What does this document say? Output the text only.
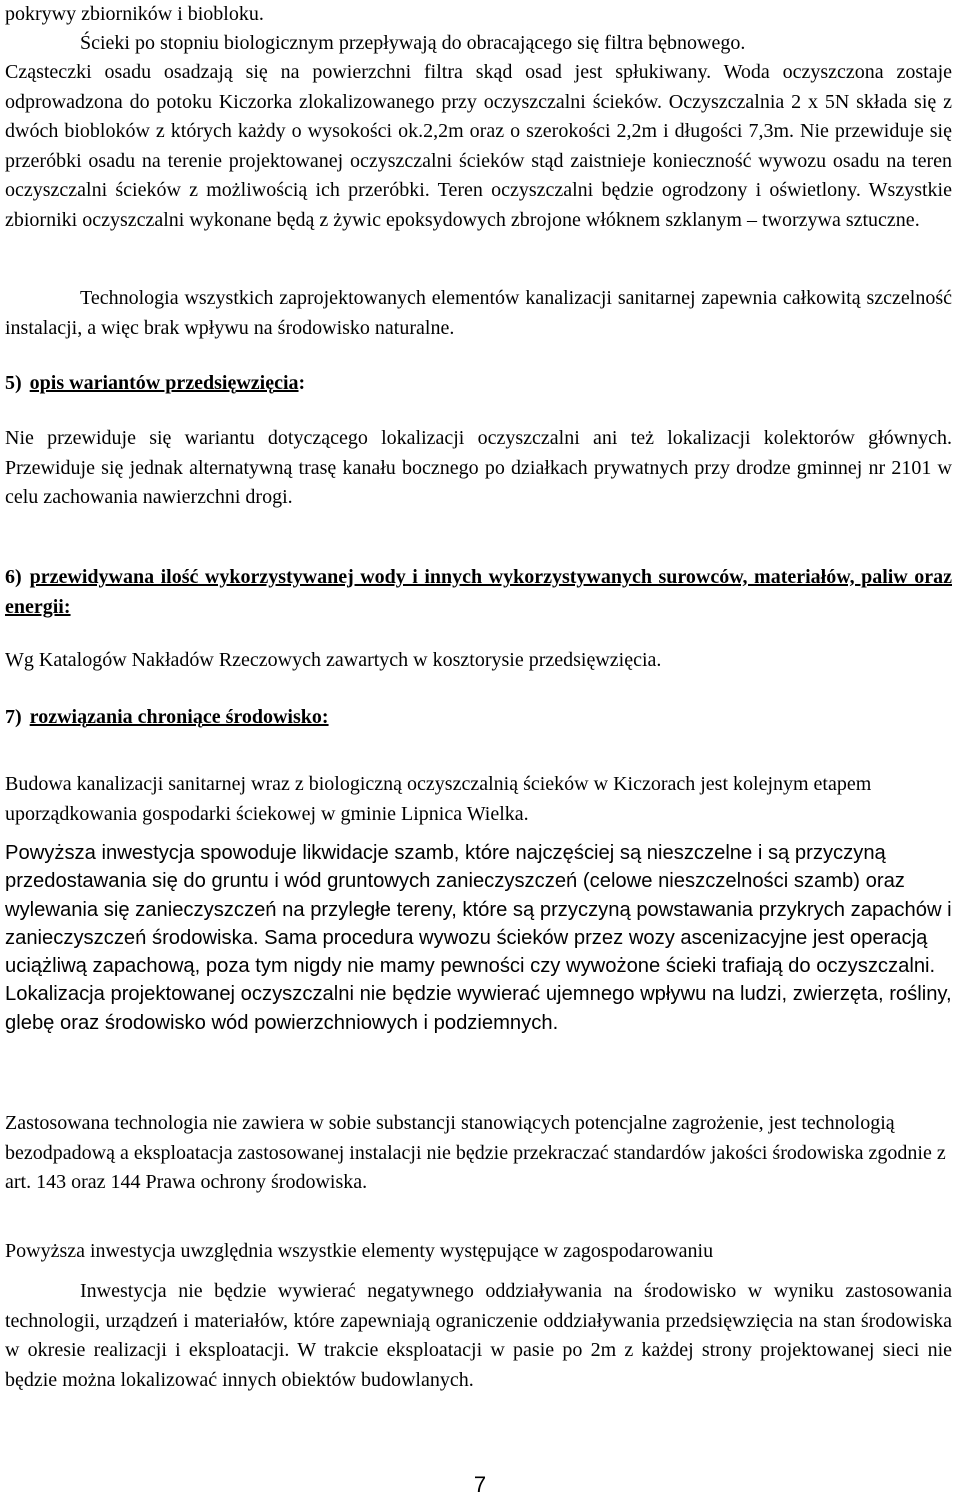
pokrywy zbiorników i biobloku.

Ścieki po stopniu biologicznym przepływają do obracającego się filtra bębnowego.

Cząsteczki osadu osadzają się na powierzchni filtra skąd osad jest spłukiwany. Woda oczyszczona zostaje odprowadzona do potoku Kiczorka zlokalizowanego przy oczyszczalni ścieków. Oczyszczalnia 2 x 5N składa się z dwóch biobloków z których każdy o wysokości ok.2,2m oraz o szerokości 2,2m i długości 7,3m. Nie przewiduje się przeróbki osadu na terenie projektowanej oczyszczalni ścieków stąd zaistnieje konieczność wywozu osadu na teren oczyszczalni ścieków z możliwością ich przeróbki. Teren oczyszczalni będzie ogrodzony i oświetlony. Wszystkie zbiorniki oczyszczalni wykonane będą z żywic epoksydowych zbrojone włóknem szklanym – tworzywa sztuczne.

Technologia wszystkich zaprojektowanych elementów kanalizacji sanitarnej zapewnia całkowitą szczelność instalacji, a więc brak wpływu na środowisko naturalne.

5) opis wariantów przedsięwzięcia:

Nie przewiduje się wariantu dotyczącego lokalizacji oczyszczalni ani też lokalizacji kolektorów głównych. Przewiduje się jednak alternatywną trasę kanału bocznego po działkach prywatnych przy drodze gminnej nr 2101 w celu zachowania nawierzchni drogi.

6) przewidywana ilość wykorzystywanej wody i innych wykorzystywanych surowców, materiałów, paliw oraz energii:

Wg Katalogów Nakładów Rzeczowych zawartych w kosztorysie przedsięwzięcia.

7) rozwiązania chroniące środowisko:

Budowa kanalizacji sanitarnej wraz z biologiczną oczyszczalnią ścieków w Kiczorach jest kolejnym etapem uporządkowania gospodarki ściekowej w gminie Lipnica Wielka.

Powyższa inwestycja spowoduje likwidacje szamb, które najczęściej są nieszczelne i są przyczyną przedostawania się do gruntu i wód gruntowych zanieczyszczeń (celowe nieszczelności szamb) oraz wylewania się zanieczyszczeń na przyległe tereny, które są przyczyną powstawania przykrych zapachów i zanieczyszczeń środowiska. Sama procedura wywozu ścieków przez wozy ascenizacyjne jest operacją uciążliwą zapachową, poza tym nigdy nie mamy pewności czy wywożone ścieki trafiają do oczyszczalni. Lokalizacja projektowanej oczyszczalni nie będzie wywierać ujemnego wpływu na ludzi, zwierzęta, rośliny, glebę oraz środowisko wód powierzchniowych i podziemnych.

Zastosowana technologia nie zawiera w sobie substancji stanowiących potencjalne zagrożenie, jest technologią bezodpadową a eksploatacja zastosowanej instalacji nie będzie przekraczać standardów jakości środowiska zgodnie z art. 143 oraz 144 Prawa ochrony środowiska.

Powyższa inwestycja uwzględnia wszystkie elementy występujące w zagospodarowaniu

Inwestycja nie będzie wywierać negatywnego oddziaływania na środowisko w wyniku zastosowania technologii, urządzeń i materiałów, które zapewniają ograniczenie oddziaływania przedsięwzięcia na stan środowiska w okresie realizacji i eksploatacji. W trakcie eksploatacji w pasie po 2m z każdej strony projektowanej sieci nie będzie można lokalizować innych obiektów budowlanych.

7
